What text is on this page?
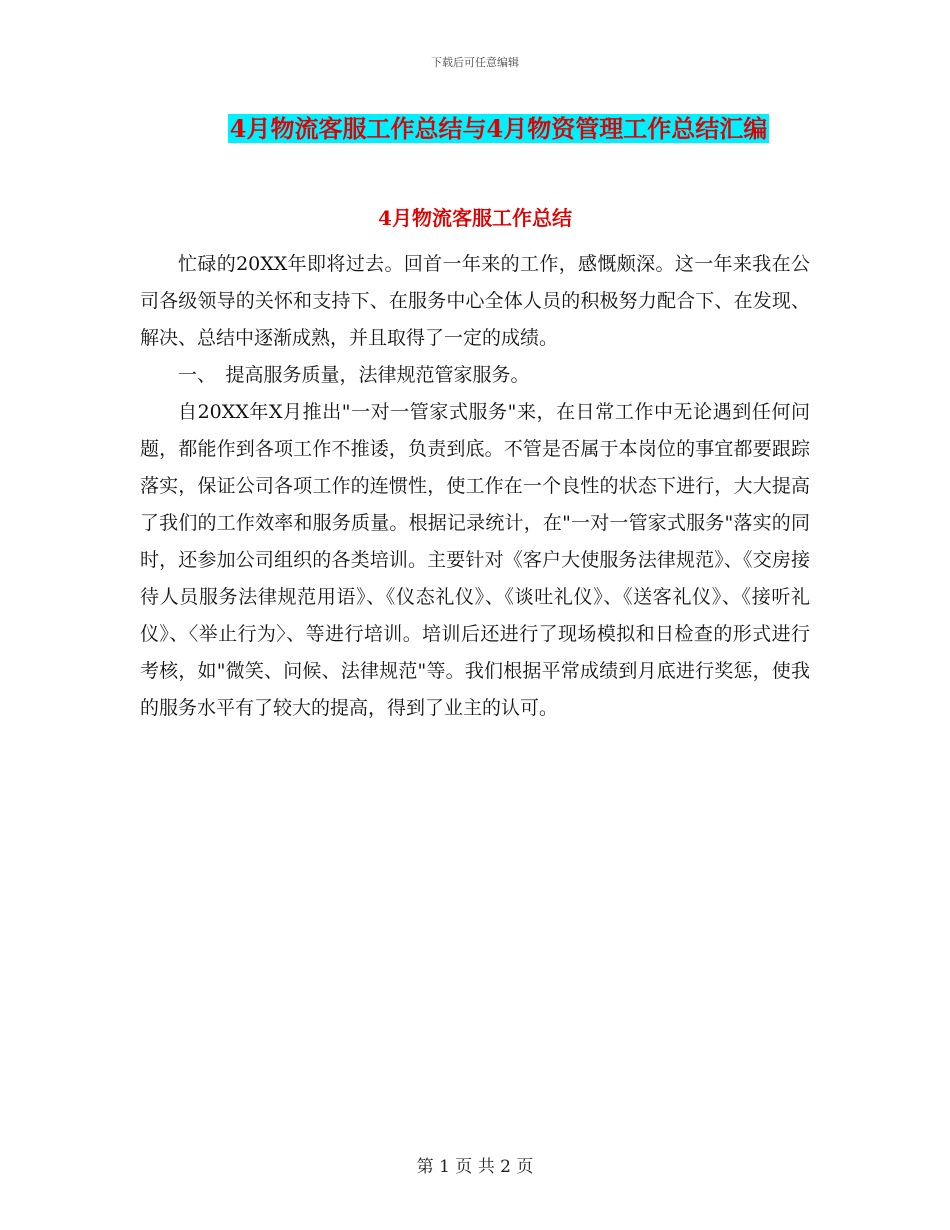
下载后可任意编辑
4月物流客服工作总结与4月物资管理工作总结汇编
4月物流客服工作总结

忙碌的20XX年即将过去。回首一年来的工作，感慨颇深。这一年来我在公司各级领导的关怀和支持下、在服务中心全体人员的积极努力配合下、在发现、解决、总结中逐渐成熟，并且取得了一定的成绩。

一、　提高服务质量，法律规范管家服务。

自20XX年X月推出"一对一管家式服务"来，在日常工作中无论遇到任何问题，都能作到各项工作不推诿，负责到底。不管是否属于本岗位的事宜都要跟踪落实，保证公司各项工作的连惯性，使工作在一个良性的状态下进行，大大提高了我们的工作效率和服务质量。根据记录统计，在"一对一管家式服务"落实的同时，还参加公司组织的各类培训。主要针对《客户大使服务法律规范》、《交房接待人员服务法律规范用语》、《仪态礼仪》、《谈吐礼仪》、《送客礼仪》、《接听礼仪》、〈举止行为〉、等进行培训。培训后还进行了现场模拟和日检查的形式进行考核，如"微笑、问候、法律规范"等。我们根据平常成绩到月底进行奖惩，使我的服务水平有了较大的提高，得到了业主的认可。

第 1 页 共 2 页
